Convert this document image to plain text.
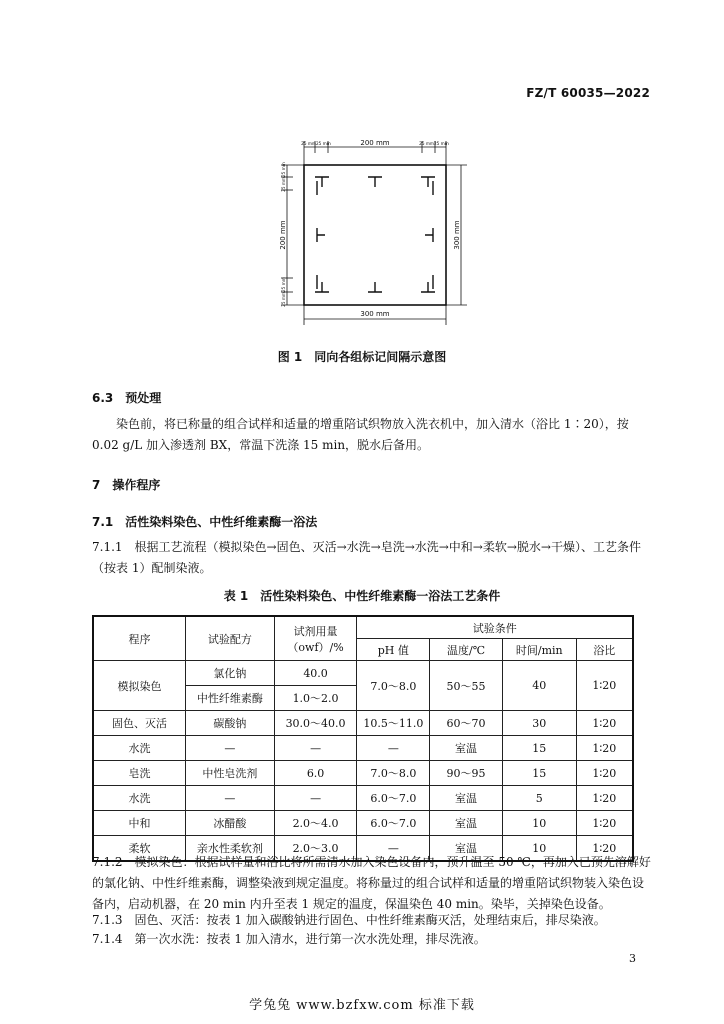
FZ/T 60035—2022
25 mm25 mm	200 mm	25 mm25 mm
25 mm25 mm
200 mm
25 mm25 mm
300 mm
300 mm
图 1　同向各组标记间隔示意图
6.3　预处理
染色前，将已称量的组合试样和适量的增重陪试织物放入洗衣机中，加入清水（浴比 1∶20），按 0.02 g/L 加入渗透剂 BX，常温下洗涤 15 min，脱水后备用。
7　操作程序
7.1　活性染料染色、中性纤维素酶一浴法
7.1.1　根据工艺流程（模拟染色→固色、灭活→水洗→皂洗→水洗→中和→柔软→脱水→干燥）、工艺条件（按表 1）配制染液。
表 1　活性染料染色、中性纤维素酶一浴法工艺条件
程序	试验配方	试剂用量（owf）/%	试验条件			
			pH 值	温度/℃	时间/min	浴比
模拟染色	氯化钠	40.0	7.0～8.0	50～55	40	1∶20
	中性纤维素酶	1.0～2.0				
固色、灭活	碳酸钠	30.0～40.0	10.5～11.0	60～70	30	1∶20
水洗	—	—	—	室温	15	1∶20
皂洗	中性皂洗剂	6.0	7.0～8.0	90～95	15	1∶20
水洗	—	—	6.0～7.0	室温	5	1∶20
中和	冰醋酸	2.0～4.0	6.0～7.0	室温	10	1∶20
柔软	亲水性柔软剂	2.0～3.0	—	室温	10	1∶20
7.1.2　模拟染色：根据试样量和浴比将所需清水加入染色设备内，预升温至 50 ℃，再加入已预先溶解好的氯化钠、中性纤维素酶，调整染液到规定温度。将称量过的组合试样和适量的增重陪试织物装入染色设备内，启动机器，在 20 min 内升至表 1 规定的温度，保温染色 40 min。染毕，关掉染色设备。
7.1.3　固色、灭活：按表 1 加入碳酸钠进行固色、中性纤维素酶灭活，处理结束后，排尽染液。
7.1.4　第一次水洗：按表 1 加入清水，进行第一次水洗处理，排尽洗液。
3
学兔兔 www.bzfxw.com 标准下载
